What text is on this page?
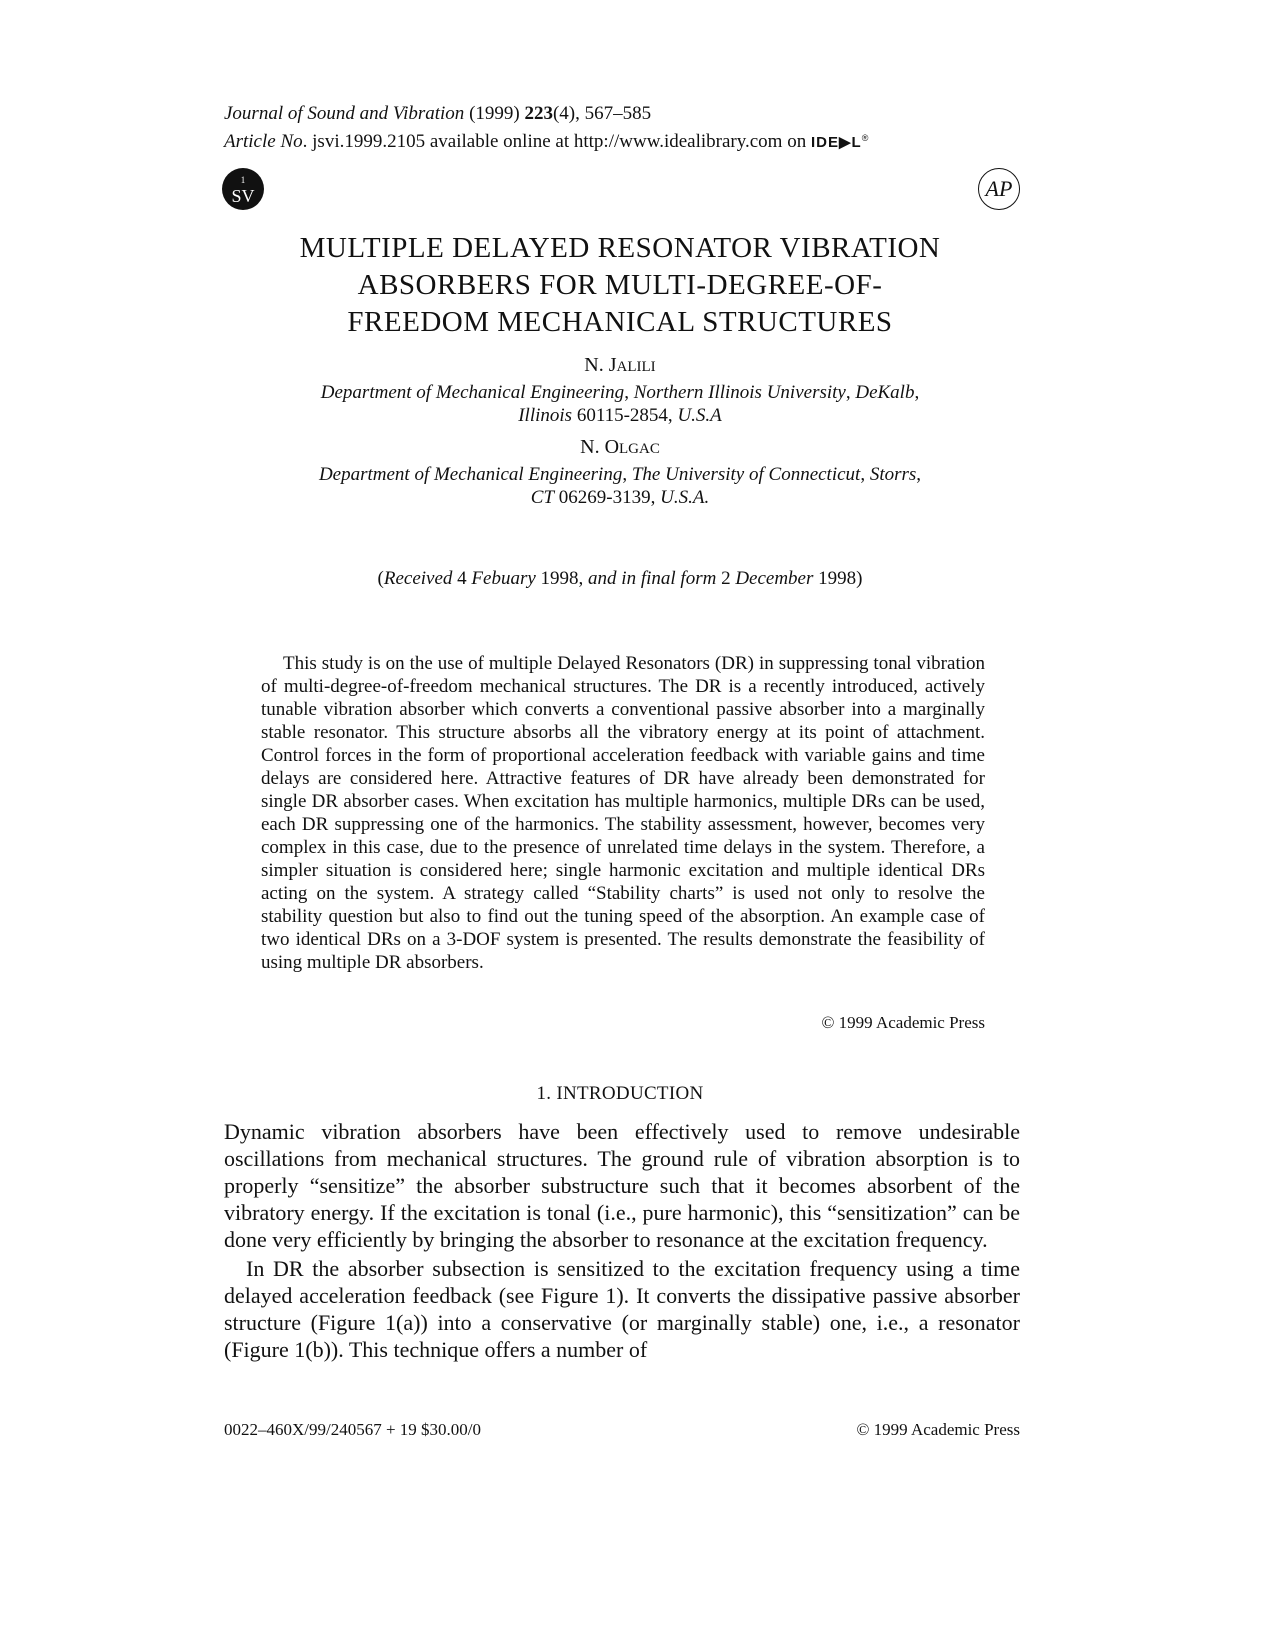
Journal of Sound and Vibration (1999) 223(4), 567–585
Article No. jsvi.1999.2105 available online at http://www.idealibrary.com on IDE▶L®
1
SV	AP
MULTIPLE DELAYED RESONATOR VIBRATION
ABSORBERS FOR MULTI-DEGREE-OF-
FREEDOM MECHANICAL STRUCTURES
N. JALILI
Department of Mechanical Engineering, Northern Illinois University, DeKalb,
Illinois 60115-2854, U.S.A
N. OLGAC
Department of Mechanical Engineering, The University of Connecticut, Storrs,
CT 06269-3139, U.S.A.
(Received 4 Febuary 1998, and in final form 2 December 1998)

This study is on the use of multiple Delayed Resonators (DR) in suppressing tonal vibration of multi-degree-of-freedom mechanical structures. The DR is a recently introduced, actively tunable vibration absorber which converts a conventional passive absorber into a marginally stable resonator. This structure absorbs all the vibratory energy at its point of attachment. Control forces in the form of proportional acceleration feedback with variable gains and time delays are considered here. Attractive features of DR have already been demonstrated for single DR absorber cases. When excitation has multiple harmonics, multiple DRs can be used, each DR suppressing one of the harmonics. The stability assessment, however, becomes very complex in this case, due to the presence of unrelated time delays in the system. Therefore, a simpler situation is considered here; single harmonic excitation and multiple identical DRs acting on the system. A strategy called “Stability charts” is used not only to resolve the stability question but also to find out the tuning speed of the absorption. An example case of two identical DRs on a 3-DOF system is presented. The results demonstrate the feasibility of using multiple DR absorbers.

© 1999 Academic Press
1. INTRODUCTION

Dynamic vibration absorbers have been effectively used to remove undesirable oscillations from mechanical structures. The ground rule of vibration absorption is to properly “sensitize” the absorber substructure such that it becomes absorbent of the vibratory energy. If the excitation is tonal (i.e., pure harmonic), this “sensitization” can be done very efficiently by bringing the absorber to resonance at the excitation frequency.

In DR the absorber subsection is sensitized to the excitation frequency using a time delayed acceleration feedback (see Figure 1). It converts the dissipative passive absorber structure (Figure 1(a)) into a conservative (or marginally stable) one, i.e., a resonator (Figure 1(b)). This technique offers a number of

0022–460X/99/240567 + 19 $30.00/0	© 1999 Academic Press
